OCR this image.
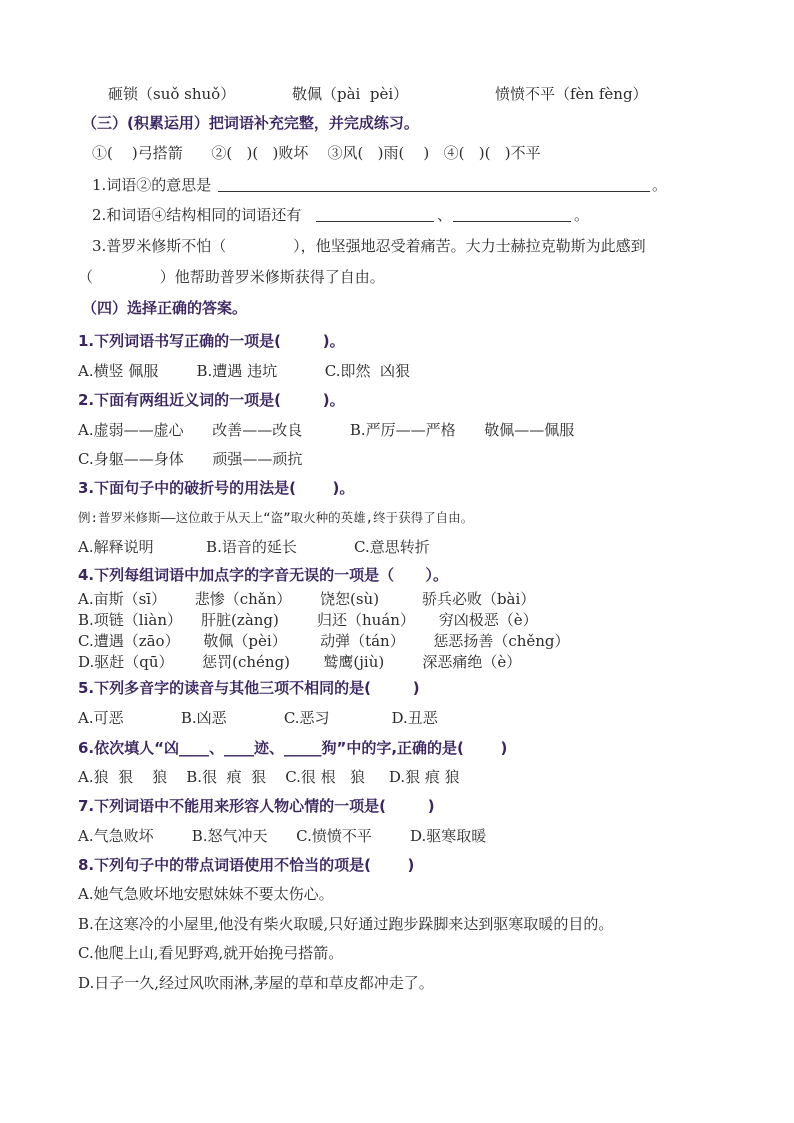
砸锁（suǒ shuǒ）	敬佩（pài  pèi）	愤愤不平（fèn fèng）
（三）(积累运用）把词语补充完整，并完成练习。
①(    )弓搭箭      ②(   )(   )败坏    ③风(   )雨(    )   ④(   )(   )不平
1.词语②的意思是	。
2.和词语④结构相同的词语还有	、	。
3.普罗米修斯不怕（              ），他坚强地忍受着痛苦。大力士赫拉克勒斯为此感到
（              ）他帮助普罗米修斯获得了自由。
（四）选择正确的答案。
1.下列词语书写正确的一项是(        )。
A.横竖 佩服        B.遭遇 违坑          C.即然  凶狠
2.下面有两组近义词的一项是(        )。
A.虚弱——虚心      改善——改良          B.严厉——严格      敬佩——佩服
C.身躯——身体      顽强——顽抗
3.下面句子中的破折号的用法是(       )。
例:普罗米修斯——这位敢于从天上“盗”取火种的英雄,终于获得了自由。
A.解释说明           B.语音的延长            C.意思转折
4.下列每组词语中加点字的字音无误的一项是（      ）。
A.亩斯（sī）      悲惨（chǎn）      饶恕(sù)         骄兵必败（bài）
B.项链（liàn）    肝脏(zàng)        归还（huán）     穷凶极恶（è）
C.遭遇（zāo）     敬佩（pèi）       动弹（tán）      惩恶扬善（chěng）
D.驱赶（qū）      惩罚(chéng)       鹫鹰(jiù)        深恶痛绝（è）
5.下列多音字的读音与其他三项不相同的是(        )
A.可恶            B.凶恶            C.恶习             D.丑恶
6.依次填人“凶____、____迹、_____狗”中的字,正确的是(       )
A.狼  狠    狼    B.很  痕  狠    C.很 根   狼     D.狠 痕 狼
7.下列词语中不能用来形容人物心情的一项是(        )
A.气急败坏        B.怒气冲天      C.愤愤不平        D.驱寒取暖
8.下列句子中的带点词语使用不恰当的项是(       )
A.她气急败坏地安慰妹妹不要太伤心。
B.在这寒冷的小屋里,他没有柴火取暖,只好通过跑步跺脚来达到驱寒取暖的目的。
C.他爬上山,看见野鸡,就开始挽弓搭箭。
D.日子一久,经过风吹雨淋,茅屋的草和草皮都冲走了。
